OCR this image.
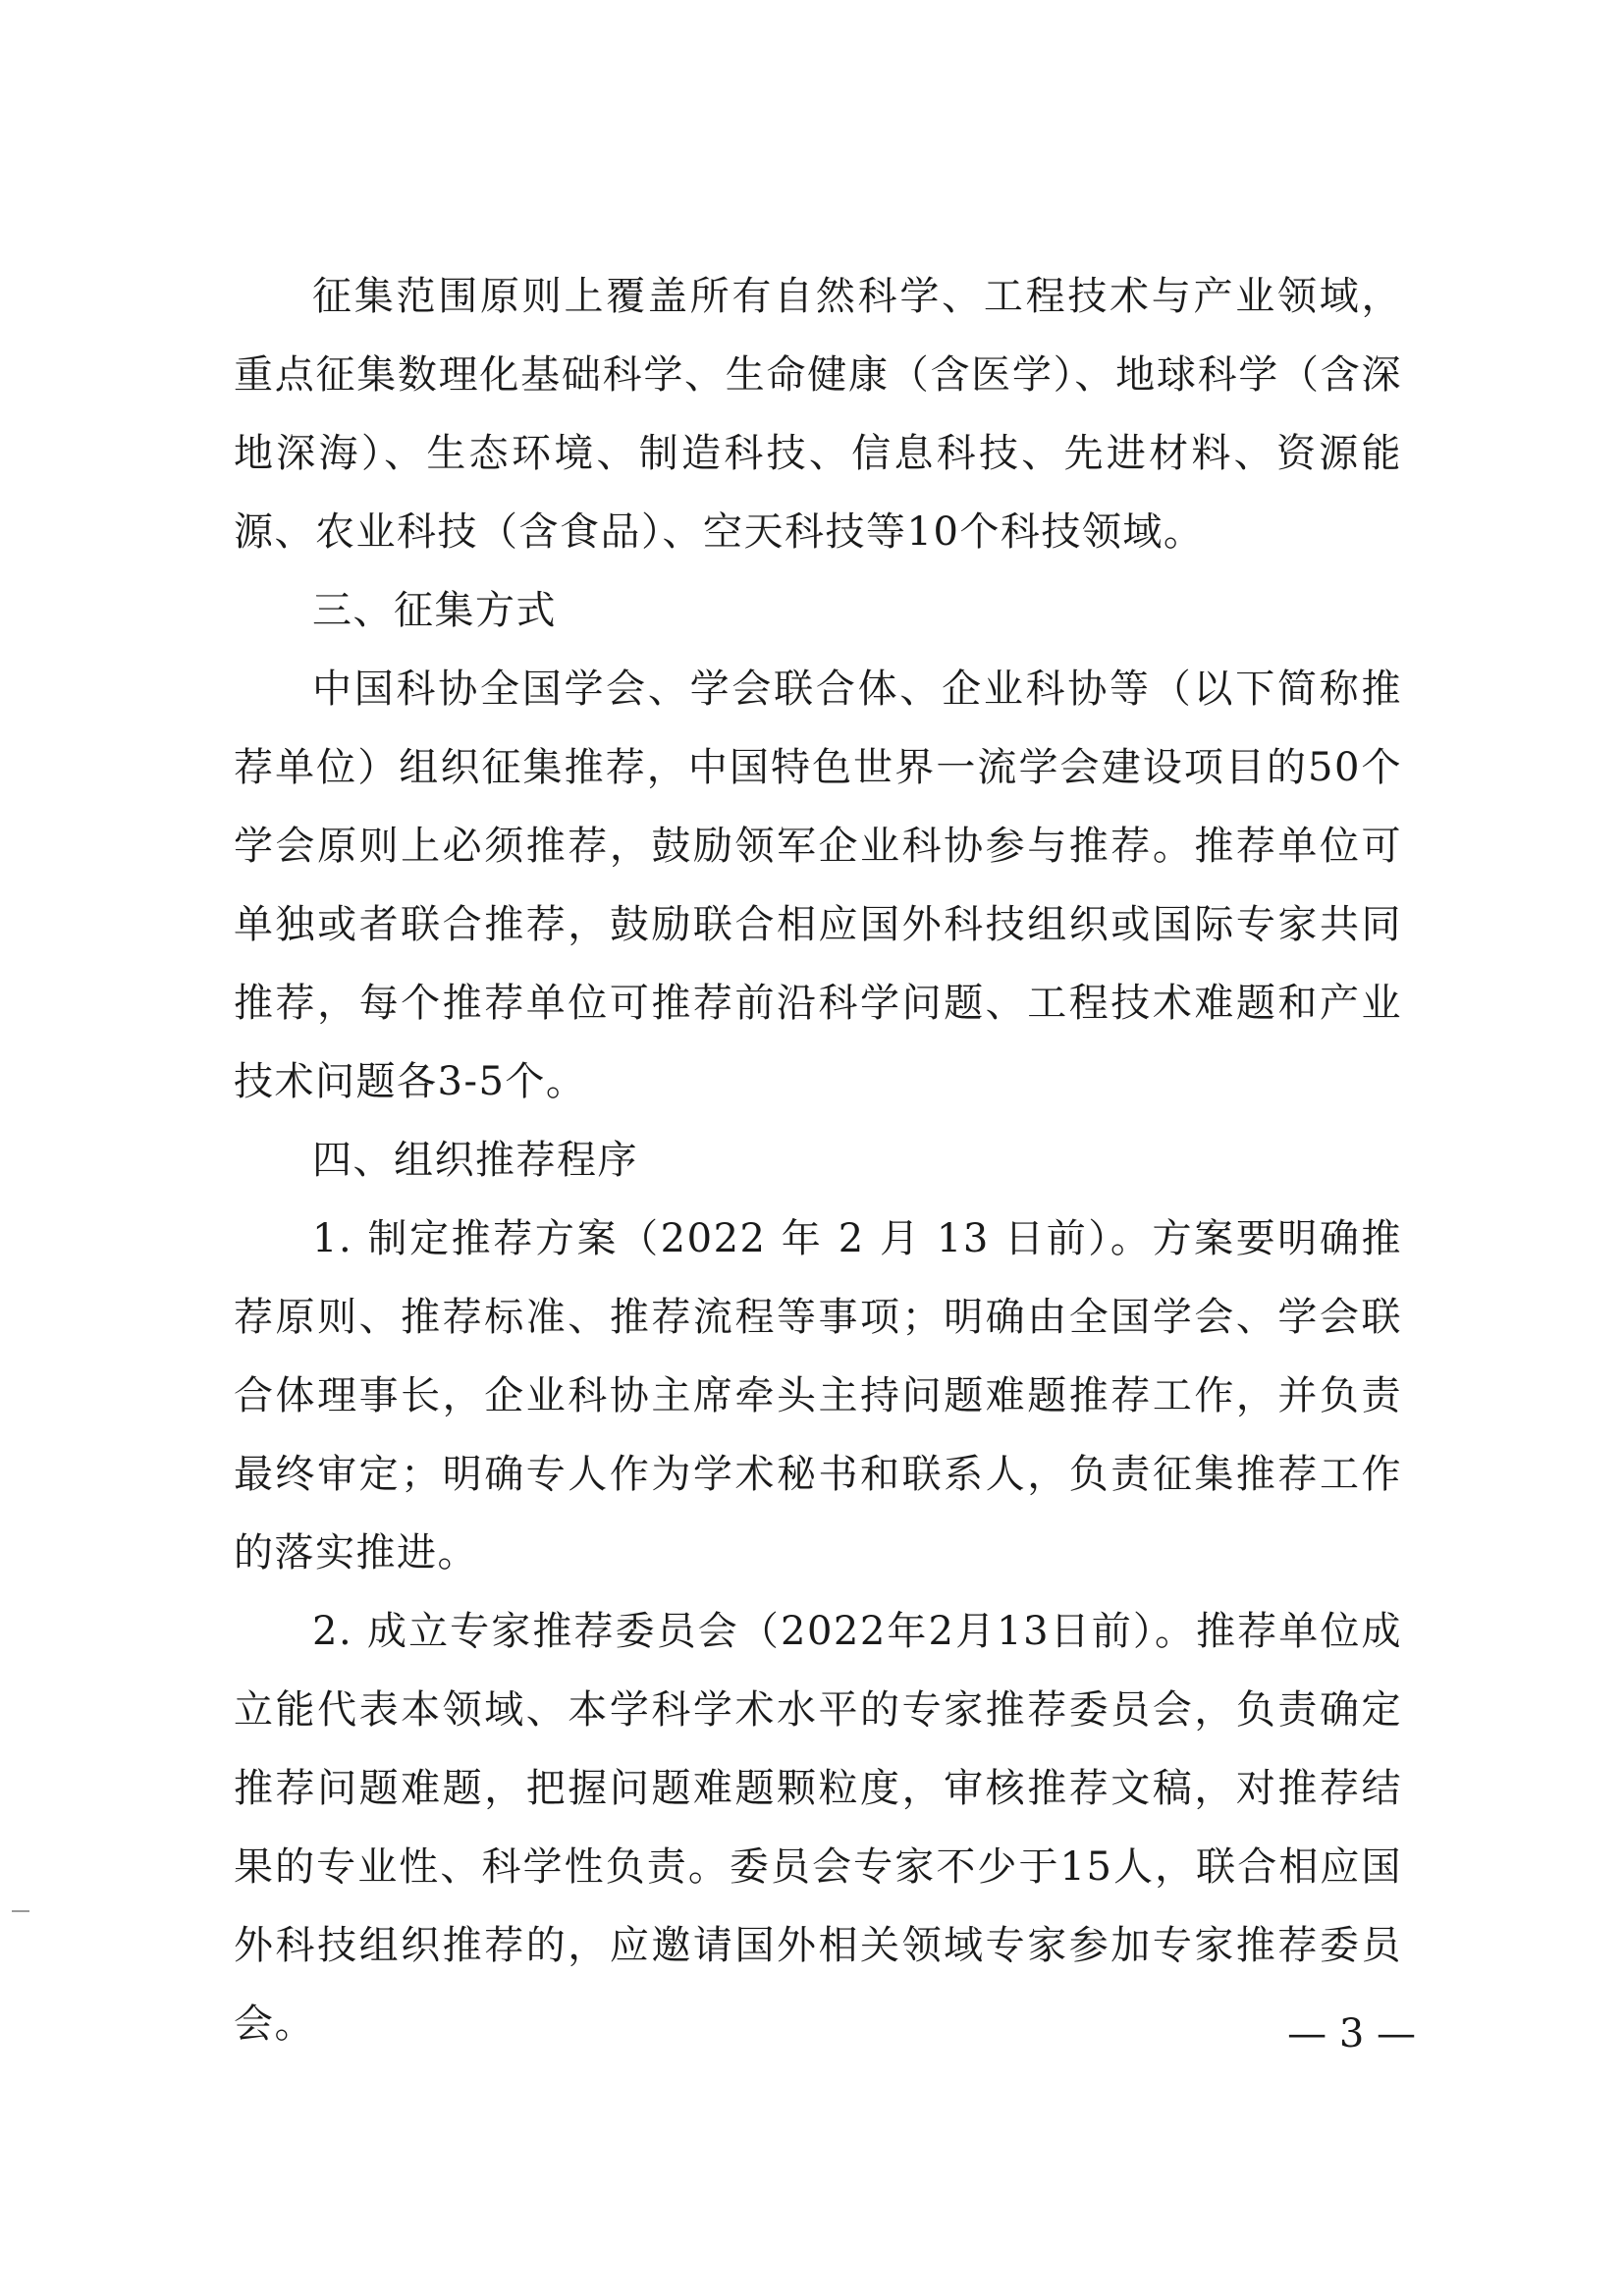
征集范围原则上覆盖所有自然科学、工程技术与产业领域，重点征集数理化基础科学、生命健康（含医学）、地球科学（含深地深海）、生态环境、制造科技、信息科技、先进材料、资源能源、农业科技（含食品）、空天科技等10个科技领域。

三、征集方式

中国科协全国学会、学会联合体、企业科协等（以下简称推荐单位）组织征集推荐，中国特色世界一流学会建设项目的50个学会原则上必须推荐，鼓励领军企业科协参与推荐。推荐单位可单独或者联合推荐，鼓励联合相应国外科技组织或国际专家共同推荐，每个推荐单位可推荐前沿科学问题、工程技术难题和产业技术问题各3-5个。

四、组织推荐程序

1. 制定推荐方案（2022 年 2 月 13 日前）。方案要明确推荐原则、推荐标准、推荐流程等事项；明确由全国学会、学会联合体理事长，企业科协主席牵头主持问题难题推荐工作，并负责最终审定；明确专人作为学术秘书和联系人，负责征集推荐工作的落实推进。

2. 成立专家推荐委员会（2022年2月13日前）。推荐单位成立能代表本领域、本学科学术水平的专家推荐委员会，负责确定推荐问题难题，把握问题难题颗粒度，审核推荐文稿，对推荐结果的专业性、科学性负责。委员会专家不少于15人，联合相应国外科技组织推荐的，应邀请国外相关领域专家参加专家推荐委员会。	— 3 —
